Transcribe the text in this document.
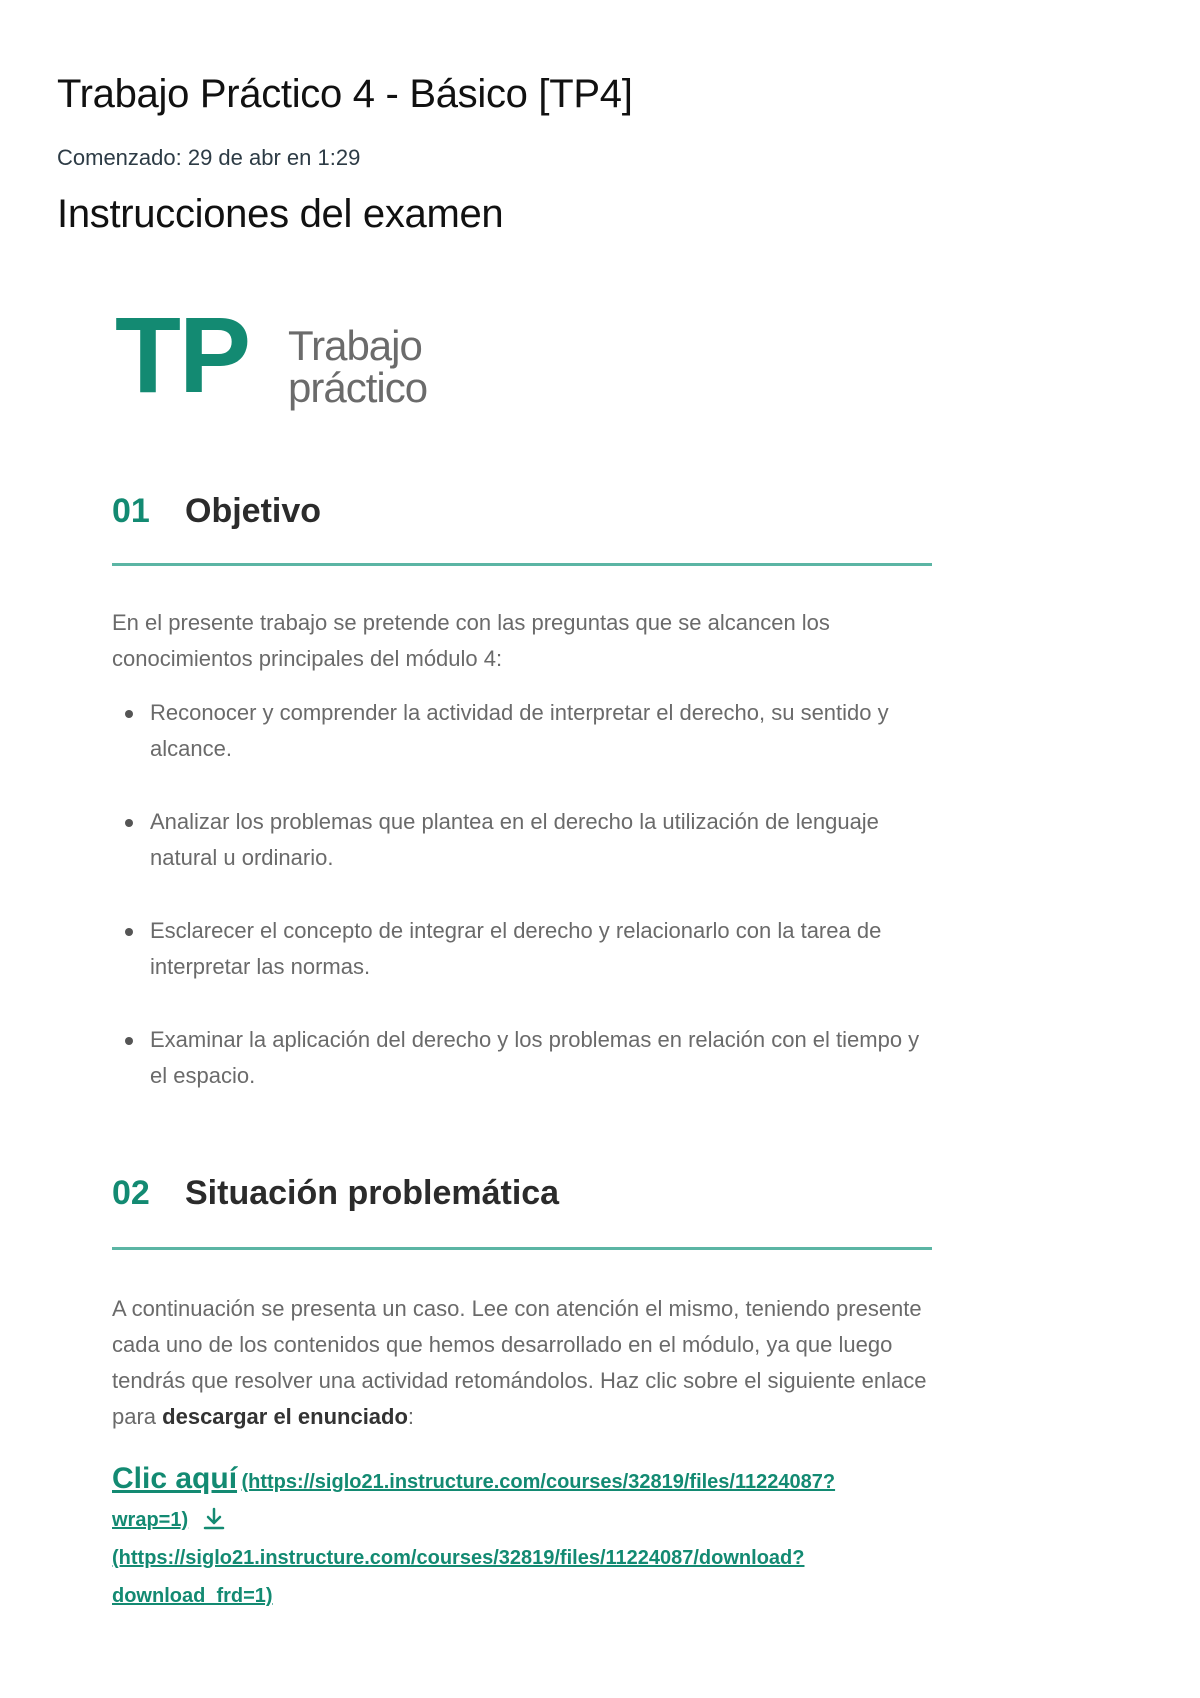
Trabajo Práctico 4 - Básico [TP4]
Comenzado: 29 de abr en 1:29
Instrucciones del examen
TP Trabajo
práctico
01 Objetivo

En el presente trabajo se pretende con las preguntas que se alcancen los conocimientos principales del módulo 4:

Reconocer y comprender la actividad de interpretar el derecho, su sentido y alcance.
Analizar los problemas que plantea en el derecho la utilización de lenguaje natural u ordinario.
Esclarecer el concepto de integrar el derecho y relacionarlo con la tarea de interpretar las normas.
Examinar la aplicación del derecho y los problemas en relación con el tiempo y el espacio.
02 Situación problemática

A continuación se presenta un caso. Lee con atención el mismo, teniendo presente cada uno de los contenidos que hemos desarrollado en el módulo, ya que luego tendrás que resolver una actividad retomándolos. Haz clic sobre el siguiente enlace para descargar el enunciado:

Clic aquí (https://siglo21.instructure.com/courses/32819/files/11224087?
wrap=1)
(https://siglo21.instructure.com/courses/32819/files/11224087/download?
download_frd=1)
